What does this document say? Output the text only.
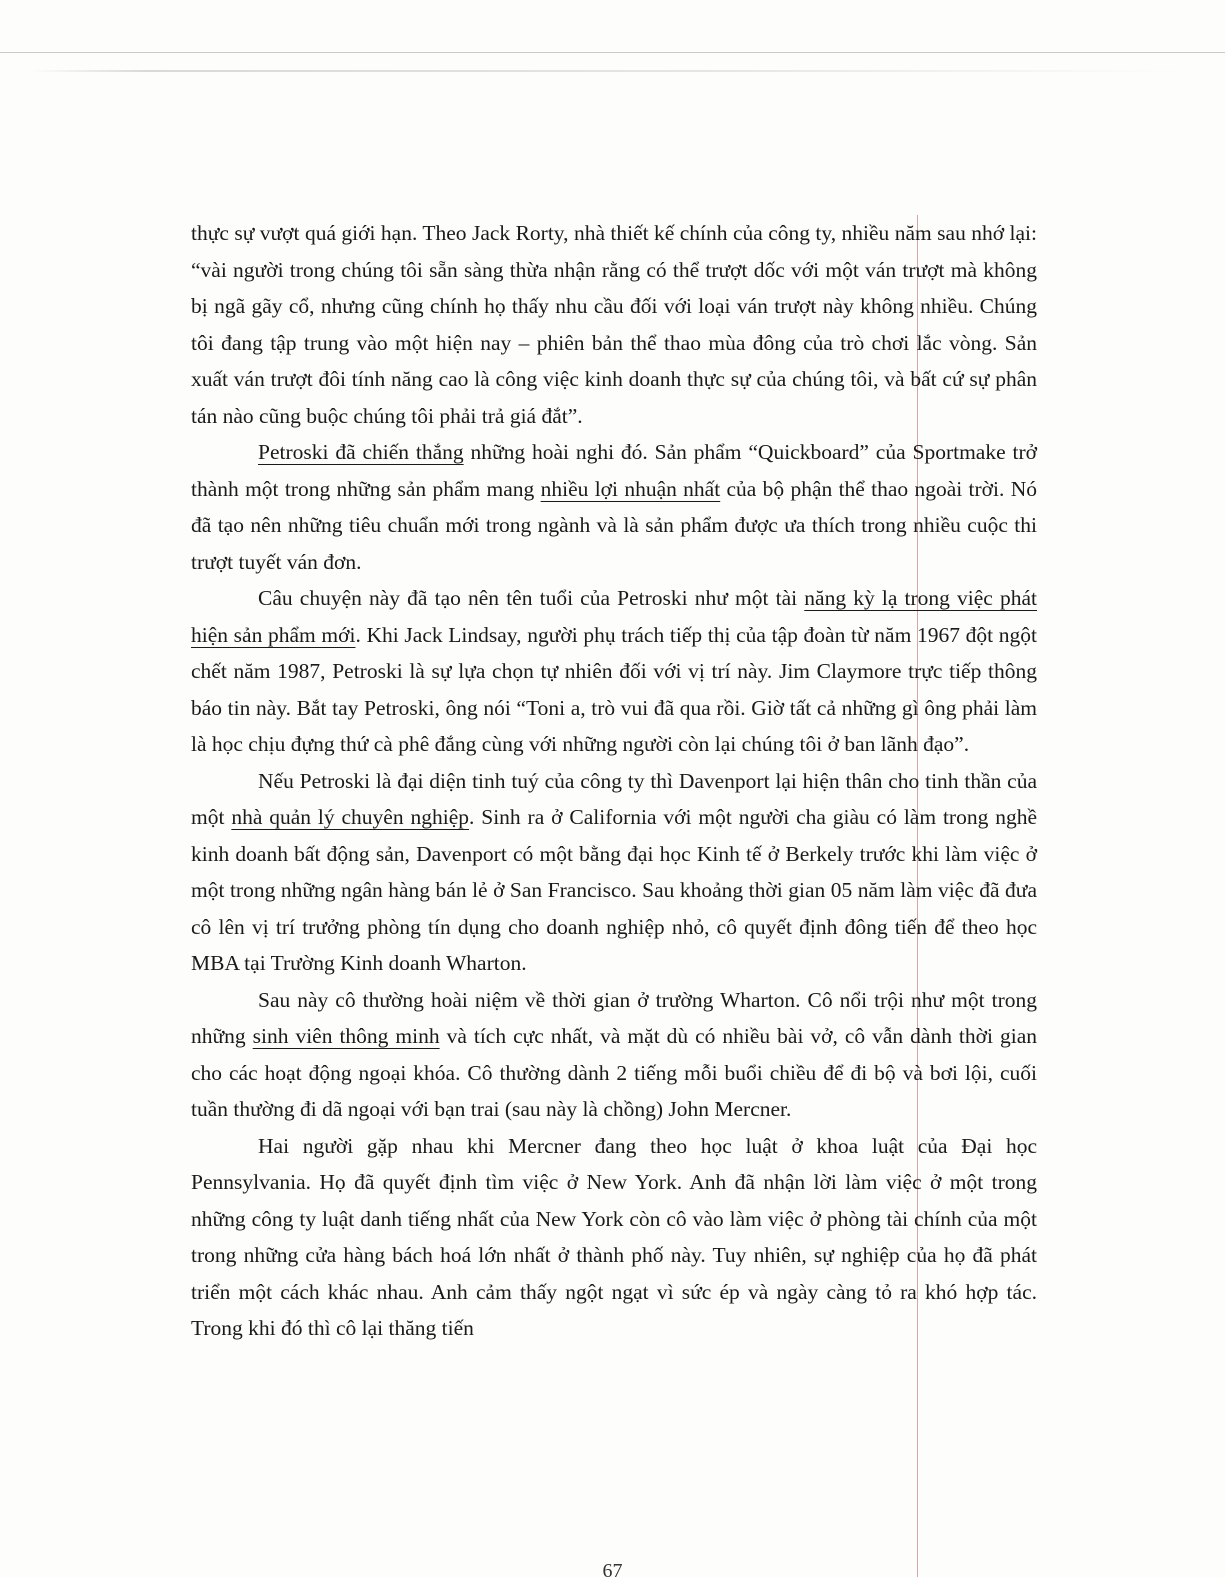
thực sự vượt quá giới hạn. Theo Jack Rorty, nhà thiết kế chính của công ty, nhiều năm sau nhớ lại: “vài người trong chúng tôi sẵn sàng thừa nhận rằng có thể trượt dốc với một ván trượt mà không bị ngã gãy cổ, nhưng cũng chính họ thấy nhu cầu đối với loại ván trượt này không nhiều. Chúng tôi đang tập trung vào một hiện nay – phiên bản thể thao mùa đông của trò chơi lắc vòng. Sản xuất ván trượt đôi tính năng cao là công việc kinh doanh thực sự của chúng tôi, và bất cứ sự phân tán nào cũng buộc chúng tôi phải trả giá đắt”.

Petroski đã chiến thắng những hoài nghi đó. Sản phẩm “Quickboard” của Sportmake trở thành một trong những sản phẩm mang nhiều lợi nhuận nhất của bộ phận thể thao ngoài trời. Nó đã tạo nên những tiêu chuẩn mới trong ngành và là sản phẩm được ưa thích trong nhiều cuộc thi trượt tuyết ván đơn.

Câu chuyện này đã tạo nên tên tuổi của Petroski như một tài năng kỳ lạ trong việc phát hiện sản phẩm mới. Khi Jack Lindsay, người phụ trách tiếp thị của tập đoàn từ năm 1967 đột ngột chết năm 1987, Petroski là sự lựa chọn tự nhiên đối với vị trí này. Jim Claymore trực tiếp thông báo tin này. Bắt tay Petroski, ông nói “Toni a, trò vui đã qua rồi. Giờ tất cả những gì ông phải làm là học chịu đựng thứ cà phê đắng cùng với những người còn lại chúng tôi ở ban lãnh đạo”.

Nếu Petroski là đại diện tinh tuý của công ty thì Davenport lại hiện thân cho tinh thần của một nhà quản lý chuyên nghiệp. Sinh ra ở California với một người cha giàu có làm trong nghề kinh doanh bất động sản, Davenport có một bằng đại học Kinh tế ở Berkely trước khi làm việc ở một trong những ngân hàng bán lẻ ở San Francisco. Sau khoảng thời gian 05 năm làm việc đã đưa cô lên vị trí trưởng phòng tín dụng cho doanh nghiệp nhỏ, cô quyết định đông tiến để theo học MBA tại Trường Kinh doanh Wharton.

Sau này cô thường hoài niệm về thời gian ở trường Wharton. Cô nổi trội như một trong những sinh viên thông minh và tích cực nhất, và mặt dù có nhiều bài vở, cô vẫn dành thời gian cho các hoạt động ngoại khóa. Cô thường dành 2 tiếng mỗi buổi chiều để đi bộ và bơi lội, cuối tuần thường đi dã ngoại với bạn trai (sau này là chồng) John Mercner.

Hai người gặp nhau khi Mercner đang theo học luật ở khoa luật của Đại học Pennsylvania. Họ đã quyết định tìm việc ở New York. Anh đã nhận lời làm việc ở một trong những công ty luật danh tiếng nhất của New York còn cô vào làm việc ở phòng tài chính của một trong những cửa hàng bách hoá lớn nhất ở thành phố này. Tuy nhiên, sự nghiệp của họ đã phát triển một cách khác nhau. Anh cảm thấy ngột ngạt vì sức ép và ngày càng tỏ ra khó hợp tác. Trong khi đó thì cô lại thăng tiến

67
